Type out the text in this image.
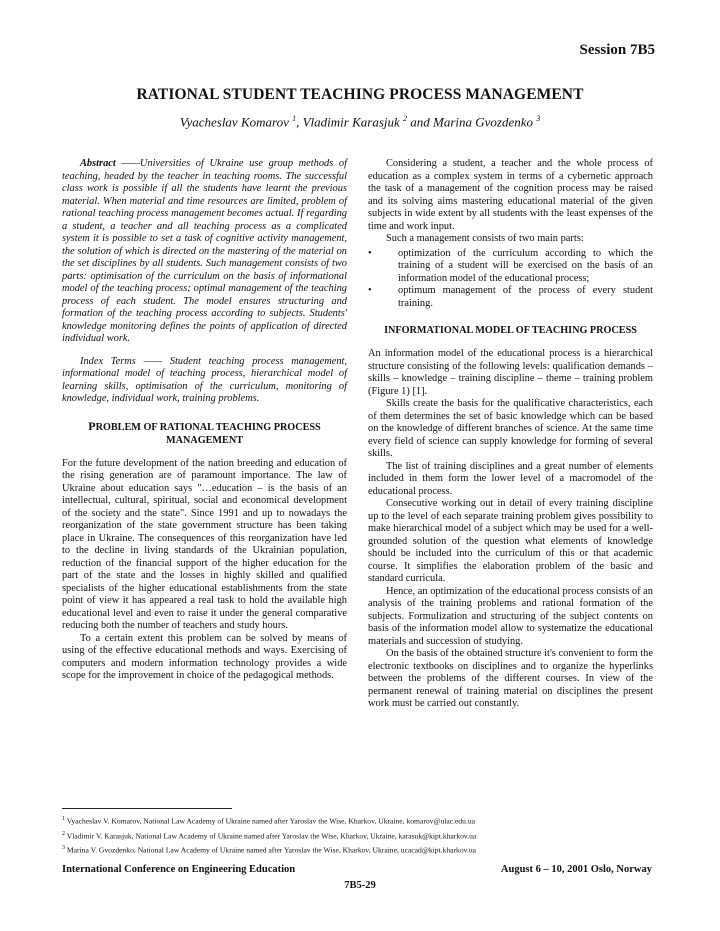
Session 7B5
RATIONAL STUDENT TEACHING PROCESS MANAGEMENT
Vyacheslav Komarov $^1$, Vladimir Karasjuk $^2$ and Marina Gvozdenko $^3$

Abstract ——Universities of Ukraine use group methods of teaching, headed by the teacher in teaching rooms. The successful class work is possible if all the students have learnt the previous material. When material and time resources are limited, problem of rational teaching process management becomes actual. If regarding a student, a teacher and all teaching process as a complicated system it is possible to set a task of cognitive activity management, the solution of which is directed on the mastering of the material on the set disciplines by all students. Such management consists of two parts: optimisation of the curriculum on the basis of informational model of the teaching process; optimal management of the teaching process of each student. The model ensures structuring and formation of the teaching process according to subjects. Students' knowledge monitoring defines the points of application of directed individual work.

Index Terms —— Student teaching process management, informational model of teaching process, hierarchical model of learning skills, optimisation of the curriculum, monitoring of knowledge, individual work, training problems.

PROBLEM OF RATIONAL TEACHING PROCESS
MANAGEMENT

For the future development of the nation breeding and education of the rising generation are of paramount importance. The law of Ukraine about education says "…education – is the basis of an intellectual, cultural, spiritual, social and economical development of the society and the state". Since 1991 and up to nowadays the reorganization of the state government structure has been taking place in Ukraine. The consequences of this reorganization have led to the decline in living standards of the Ukrainian population, reduction of the financial support of the higher education for the part of the state and the losses in highly skilled and qualified specialists of the higher educational establishments from the state point of view it has appeared a real task to hold the available high educational level and even to raise it under the general comparative reducing both the number of teachers and study hours.

To a certain extent this problem can be solved by means of using of the effective educational methods and ways. Exercising of computers and modern information technology provides a wide scope for the improvement in choice of the pedagogical methods.

Considering a student, a teacher and the whole process of education as a complex system in terms of a cybernetic approach the task of a management of the cognition process may be raised and its solving aims mastering educational material of the given subjects in wide extent by all students with the least expenses of the time and work input.

Such a management consists of two main parts:

•	optimization of the curriculum according to which the training of a student will be exercised on the basis of an information model of the educational process;
•	optimum management of the process of every student training.

INFORMATIONAL MODEL OF TEACHING PROCESS

An information model of the educational process is a hierarchical structure consisting of the following levels: qualification demands – skills – knowledge – training discipline – theme – training problem (Figure 1) [1].

Skills create the basis for the qualificative characteristics, each of them determines the set of basic knowledge which can be based on the knowledge of different branches of science. At the same time every field of science can supply knowledge for forming of several skills.

The list of training disciplines and a great number of elements included in them form the lower level of a macromodel of the educational process.

Consecutive working out in detail of every training discipline up to the level of each separate training problem gives possibility to make hierarchical model of a subject which may be used for a well-grounded solution of the question what elements of knowledge should be included into the curriculum of this or that academic course. It simplifies the elaboration problem of the basic and standard curricula.

Hence, an optimization of the educational process consists of an analysis of the training problems and rational formation of the subjects. Formulization and structuring of the subject contents on basis of the information model allow to systematize the educational materials and succession of studying.

On the basis of the obtained structure it's convenient to form the electronic textbooks on disciplines and to organize the hyperlinks between the problems of the different courses. In view of the permanent renewal of training material on disciplines the present work must be carried out constantly.

$^1$ Vyacheslav V. Komarov, National Law Academy of Ukraine named after Yaroslav the Wise, Kharkov, Ukraine, komarov@ulac.edu.ua

$^2$ Vladimir V. Karasjuk, National Law Academy of Ukraine named after Yaroslav the Wise, Kharkov, Ukraine, karasuk@kipt.kharkov.ua

$^3$ Marina V. Gvozdenko, National Law Academy of Ukraine named after Yaroslav the Wise, Kharkov, Ukraine, ucacad@kipt.kharkov.ua

International Conference on Engineering Education	August 6 – 10, 2001 Oslo, Norway
7B5-29
